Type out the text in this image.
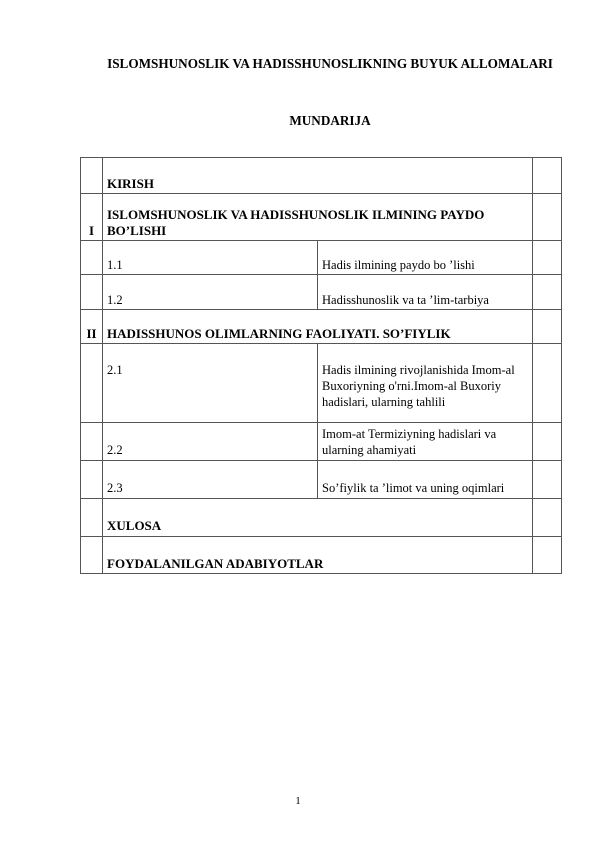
ISLOMSHUNOSLIK VA HADISSHUNOSLIKNING BUYUK ALLOMALARI
MUNDARIJA
	KIRISH		
I	ISLOMSHUNOSLIK VA HADISSHUNOSLIK ILMINING PAYDO BO’LISHI		
	1.1	Hadis ilmining paydo bo ’lishi	
	1.2	Hadisshunoslik va ta ’lim-tarbiya	
II	HADISSHUNOS OLIMLARNING FAOLIYATI. SO’FIYLIK		
	2.1	Hadis ilmining rivojlanishida Imom-al Buxoriyning o'rni.Imom-al Buxoriy hadislari, ularning tahlili	
	2.2	Imom-at Termiziyning hadislari va ularning ahamiyati	
	2.3	So’fiylik ta ’limot va uning oqimlari	
	XULOSA		
	FOYDALANILGAN ADABIYOTLAR		
1
